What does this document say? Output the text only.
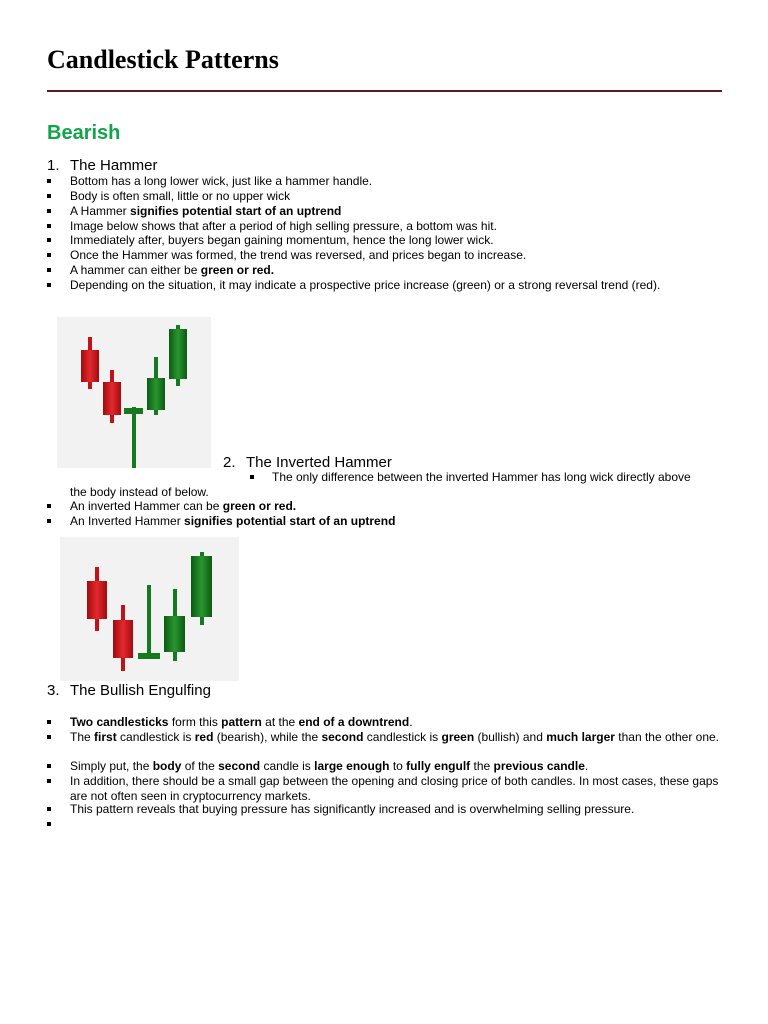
Candlestick Patterns
Bearish
1. The Hammer
Bottom has a long lower wick, just like a hammer handle.
Body is often small, little or no upper wick
A Hammer signifies potential start of an uptrend
Image below shows that after a period of high selling pressure, a bottom was hit.
Immediately after, buyers began gaining momentum, hence the long lower wick.
Once the Hammer was formed, the trend was reversed, and prices began to increase.
A hammer can either be green or red.
Depending on the situation, it may indicate a prospective price increase (green) or a strong reversal trend (red).
2. The Inverted Hammer
The only difference between the inverted Hammer has long wick directly above
the body instead of below.
An inverted Hammer can be green or red.
An Inverted Hammer signifies potential start of an uptrend
3. The Bullish Engulfing
Two candlesticks form this pattern at the end of a downtrend.
The first candlestick is red (bearish), while the second candlestick is green (bullish) and much larger than the other one.
Simply put, the body of the second candle is large enough to fully engulf the previous candle.
In addition, there should be a small gap between the opening and closing price of both candles. In most cases, these gaps are not often seen in cryptocurrency markets.
This pattern reveals that buying pressure has significantly increased and is overwhelming selling pressure.
